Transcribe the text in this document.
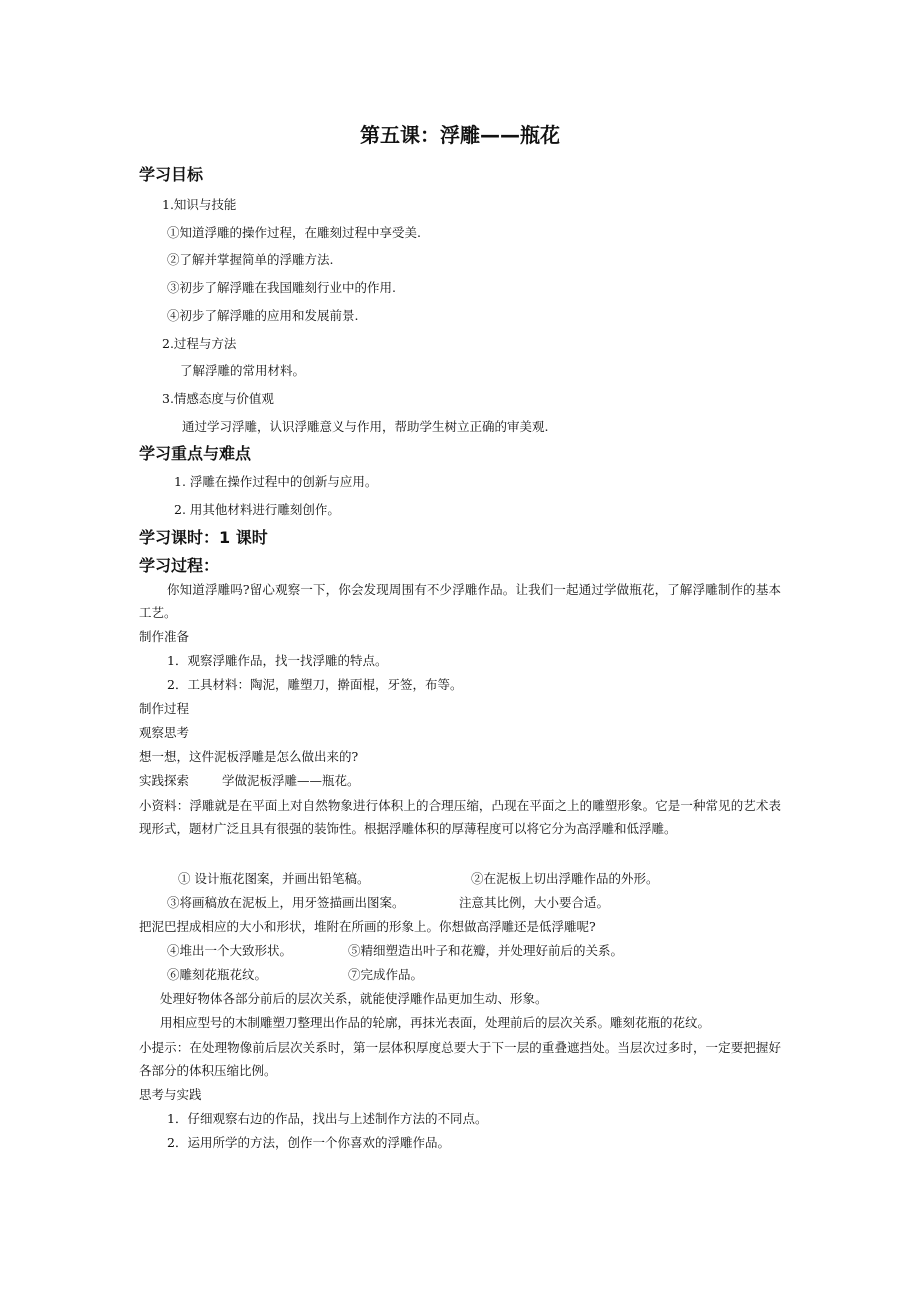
第五课：浮雕——瓶花
学习目标
1.知识与技能
①知道浮雕的操作过程，在雕刻过程中享受美.
②了解并掌握简单的浮雕方法.
③初步了解浮雕在我国雕刻行业中的作用.
④初步了解浮雕的应用和发展前景.
2.过程与方法
了解浮雕的常用材料。
3.情感态度与价值观
通过学习浮雕，认识浮雕意义与作用，帮助学生树立正确的审美观.
学习重点与难点
1. 浮雕在操作过程中的创新与应用。
2. 用其他材料进行雕刻创作。
学习课时：1 课时
学习过程：
你知道浮雕吗?留心观察一下，你会发现周围有不少浮雕作品。让我们一起通过学做瓶花，了解浮雕制作的基本工艺。
制作准备
1．观察浮雕作品，找一找浮雕的特点。
2．工具材料：陶泥，雕塑刀，擀面棍，牙签，布等。
制作过程
观察思考
想一想，这件泥板浮雕是怎么做出来的?
实践探索	学做泥板浮雕——瓶花。
小资料：浮雕就是在平面上对自然物象进行体积上的合理压缩，凸现在平面之上的雕塑形象。它是一种常见的艺术表现形式，题材广泛且具有很强的装饰性。根据浮雕体积的厚薄程度可以将它分为高浮雕和低浮雕。
① 设计瓶花图案，并画出铅笔稿。	②在泥板上切出浮雕作品的外形。
③将画稿放在泥板上，用牙签描画出图案。	注意其比例，大小要合适。
把泥巴捏成相应的大小和形状，堆附在所画的形象上。你想做高浮雕还是低浮雕呢?
④堆出一个大致形状。	⑤精细塑造出叶子和花瓣，并处理好前后的关系。
⑥雕刻花瓶花纹。	⑦完成作品。
处理好物体各部分前后的层次关系，就能使浮雕作品更加生动、形象。
用相应型号的木制雕塑刀整理出作品的轮廓，再抹光表面，处理前后的层次关系。雕刻花瓶的花纹。
小提示：在处理物像前后层次关系时，第一层体积厚度总要大于下一层的重叠遮挡处。当层次过多时，一定要把握好各部分的体积压缩比例。
思考与实践
1．仔细观察右边的作品，找出与上述制作方法的不同点。
2．运用所学的方法，创作一个你喜欢的浮雕作品。
